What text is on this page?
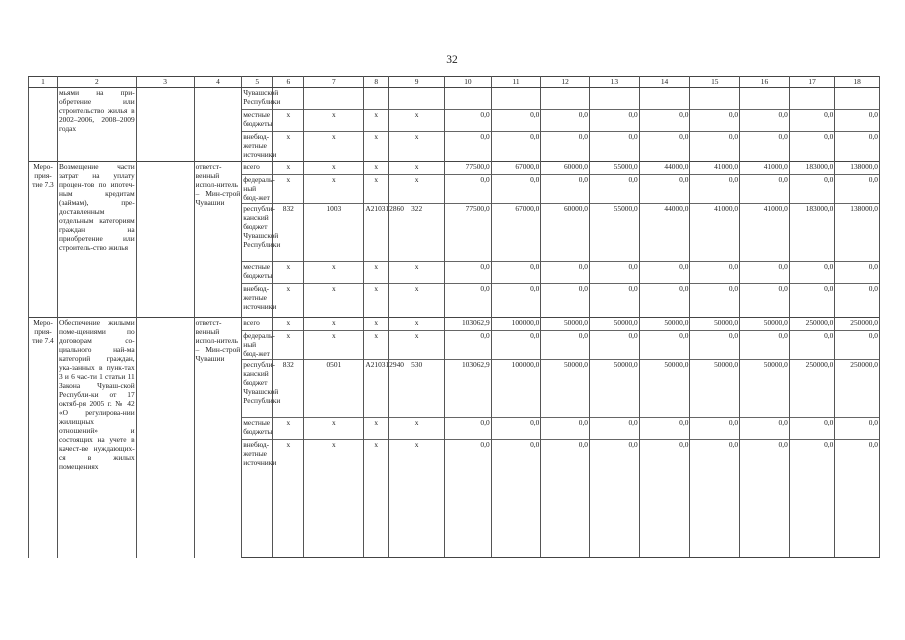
32
1	2	3	4	5	6	7	8	9	10	11	12	13	14	15	16	17	18
	мьями на при-обретение или строительство жилья в 2002–2006, 2008–2009 годах			Чувашской Республики													
				местные бюджеты	x	x	x	x	0,0	0,0	0,0	0,0	0,0	0,0	0,0	0,0	0,0
				внебюд-жетные источники	x	x	x	x	0,0	0,0	0,0	0,0	0,0	0,0	0,0	0,0	0,0
Меро-прия-тие 7.3	Возмещение части затрат на уплату процен-тов по ипотеч-ным кредитам (займам), пре-доставленным отдельным категориям граждан на приобретение или строитель-ство жилья		ответст-венный испол-нитель – Мин-строй Чувашии	всего	x	x	x	x	77500,0	67000,0	60000,0	55000,0	44000,0	41000,0	41000,0	183000,0	138000,0
				федераль-ный бюд-жет	x	x	x	x	0,0	0,0	0,0	0,0	0,0	0,0	0,0	0,0	0,0
				республи-канский бюджет Чувашской Республики	832	1003	А210312860	322	77500,0	67000,0	60000,0	55000,0	44000,0	41000,0	41000,0	183000,0	138000,0
				местные бюджеты	x	x	x	x	0,0	0,0	0,0	0,0	0,0	0,0	0,0	0,0	0,0
				внебюд-жетные источники	x	x	x	x	0,0	0,0	0,0	0,0	0,0	0,0	0,0	0,0	0,0
Меро-прия-тие 7.4	Обеспечение жилыми поме-щениями по договорам со-циального най-ма категорий граждан, ука-занных в пунк-тах 3 и 6 час-ти 1 статьи 11 Закона Чуваш-ской Республи-ки от 17 октяб-ря 2005 г. № 42 «О регулирова-нии жилищных отношений» и состоящих на учете в качест-ве нуждающих-ся в жилых помещениях		ответст-венный испол-нитель – Мин-строй Чувашии	всего	x	x	x	x	103062,9	100000,0	50000,0	50000,0	50000,0	50000,0	50000,0	250000,0	250000,0
				федераль-ный бюд-жет	x	x	x	x	0,0	0,0	0,0	0,0	0,0	0,0	0,0	0,0	0,0
				республи-канский бюджет Чувашской Республики	832	0501	А210312940	530	103062,9	100000,0	50000,0	50000,0	50000,0	50000,0	50000,0	250000,0	250000,0
				местные бюджеты	x	x	x	x	0,0	0,0	0,0	0,0	0,0	0,0	0,0	0,0	0,0
				внебюд-жетные источники	x	x	x	x	0,0	0,0	0,0	0,0	0,0	0,0	0,0	0,0	0,0
